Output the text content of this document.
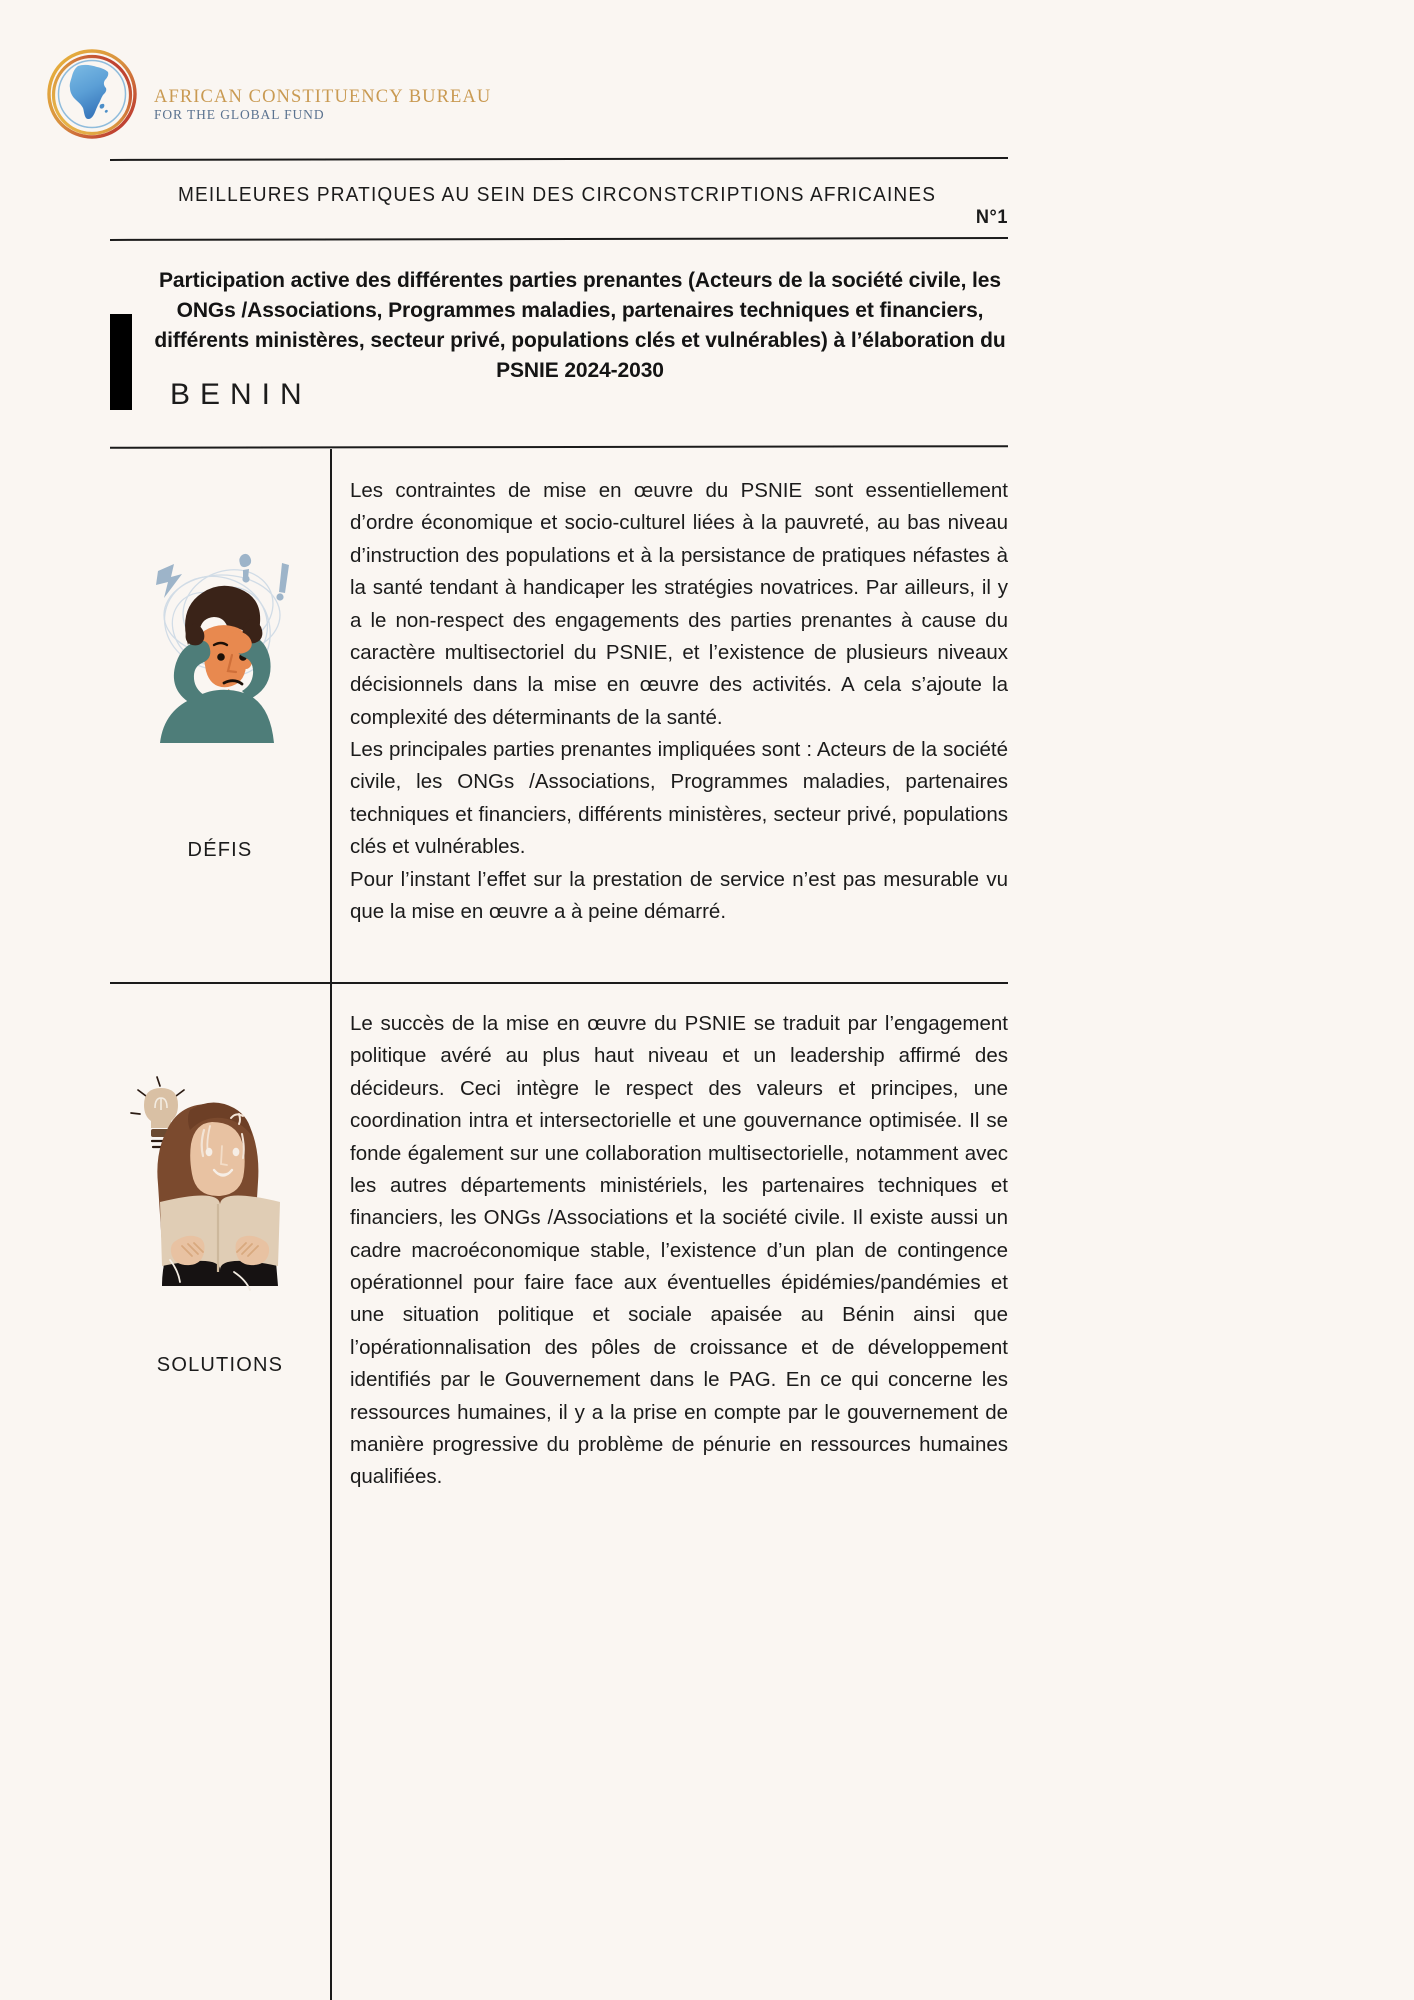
AFRICAN CONSTITUENCY BUREAU
FOR THE GLOBAL FUND
MEILLEURES PRATIQUES AU SEIN DES CIRCONSTCRIPTIONS AFRICAINES
N°1
Participation active des différentes parties prenantes (Acteurs de la société civile, les ONGs /Associations, Programmes maladies, partenaires techniques et financiers, différents ministères, secteur privé, populations clés et vulnérables) à l’élaboration du PSNIE 2024-2030
BENIN
DÉFIS

Les contraintes de mise en œuvre du PSNIE sont essentiellement d’ordre économique et socio-culturel liées à la pauvreté, au bas niveau d’instruction des populations et à la persistance de pratiques néfastes à la santé tendant à handicaper les stratégies novatrices. Par ailleurs, il y a le non-respect des engagements des parties prenantes à cause du caractère multisectoriel du PSNIE, et l’existence de plusieurs niveaux décisionnels dans la mise en œuvre des activités. A cela s’ajoute la complexité des déterminants de la santé.

Les principales parties prenantes impliquées sont : Acteurs de la société civile, les ONGs /Associations, Programmes maladies, partenaires techniques et financiers, différents ministères, secteur privé, populations clés et vulnérables.

Pour l’instant l’effet sur la prestation de service n’est pas mesurable vu que la mise en œuvre a à peine démarré.

SOLUTIONS

Le succès de la mise en œuvre du PSNIE se traduit par l’engagement politique avéré au plus haut niveau et un leadership affirmé des décideurs. Ceci intègre le respect des valeurs et principes, une coordination intra et intersectorielle et une gouvernance optimisée. Il se fonde également sur une collaboration multisectorielle, notamment avec les autres départements ministériels, les partenaires techniques et financiers, les ONGs /Associations et la société civile. Il existe aussi un cadre macroéconomique stable, l’existence d’un plan de contingence opérationnel pour faire face aux éventuelles épidémies/pandémies et une situation politique et sociale apaisée au Bénin ainsi que l’opérationnalisation des pôles de croissance et de développement identifiés par le Gouvernement dans le PAG. En ce qui concerne les ressources humaines, il y a la prise en compte par le gouvernement de manière progressive du problème de pénurie en ressources humaines qualifiées.
